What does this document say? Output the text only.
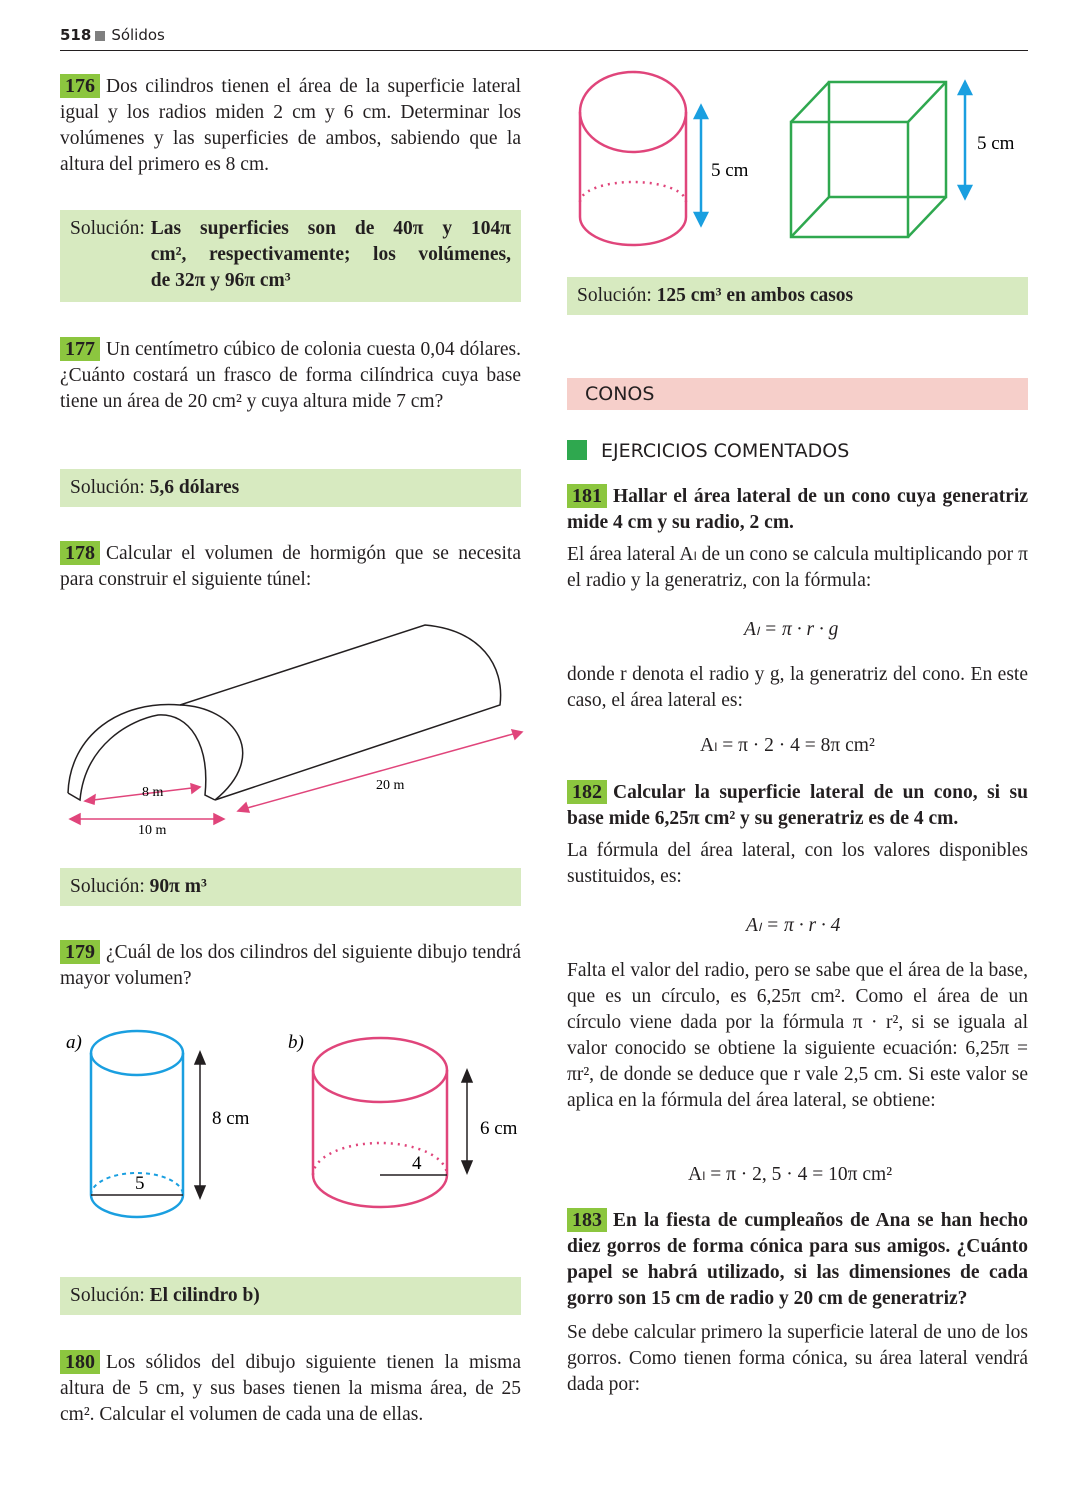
518 Sólidos

176 Dos cilindros tienen el área de la superficie lateral igual y los radios miden 2 cm y 6 cm. Determinar los volúmenes y las superficies de ambos, sabiendo que la altura del primero es 8 cm.

Solución: Las superficies son de 40π y 104π
cm², respectivamente; los volúmenes,
de 32π y 96π cm³

177 Un centímetro cúbico de colonia cuesta 0,04 dólares. ¿Cuánto costará un frasco de forma cilíndrica cuya base tiene un área de 20 cm² y cuya altura mide 7 cm?

Solución: 5,6 dólares

178 Calcular el volumen de hormigón que se necesita para construir el siguiente túnel:

8 m
10 m
20 m
Solución: 90π m³

179 ¿Cuál de los dos cilindros del siguiente dibujo tendrá mayor volumen?

a)
5
8 cm
b)
4
6 cm
Solución: El cilindro b)

180 Los sólidos del dibujo siguiente tienen la misma altura de 5 cm, y sus bases tienen la misma área, de 25 cm². Calcular el volumen de cada una de ellas.

5 cm
5 cm
Solución: 125 cm³ en ambos casos
CONOS
EJERCICIOS COMENTADOS

181 Hallar el área lateral de un cono cuya generatriz mide 4 cm y su radio, 2 cm.

El área lateral Aₗ de un cono se calcula multiplicando por π el radio y la generatriz, con la fórmula:

Aₗ = π · r · g

donde r denota el radio y g, la generatriz del cono. En este caso, el área lateral es:

Aₗ = π · 2 · 4 = 8π cm²

182 Calcular la superficie lateral de un cono, si su base mide 6,25π cm² y su generatriz es de 4 cm.

La fórmula del área lateral, con los valores disponibles sustituidos, es:

Aₗ = π · r · 4

Falta el valor del radio, pero se sabe que el área de la base, que es un círculo, es 6,25π cm². Como el área de un círculo viene dada por la fórmula π · r², si se iguala al valor conocido se obtiene la siguiente ecuación: 6,25π = πr², de donde se deduce que r vale 2,5 cm. Si este valor se aplica en la fórmula del área lateral, se obtiene:

Aₗ = π · 2, 5 · 4 = 10π cm²

183 En la fiesta de cumpleaños de Ana se han hecho diez gorros de forma cónica para sus amigos. ¿Cuánto papel se habrá utilizado, si las dimensiones de cada gorro son 15 cm de radio y 20 cm de generatriz?

Se debe calcular primero la superficie lateral de uno de los gorros. Como tienen forma cónica, su área lateral vendrá dada por:
